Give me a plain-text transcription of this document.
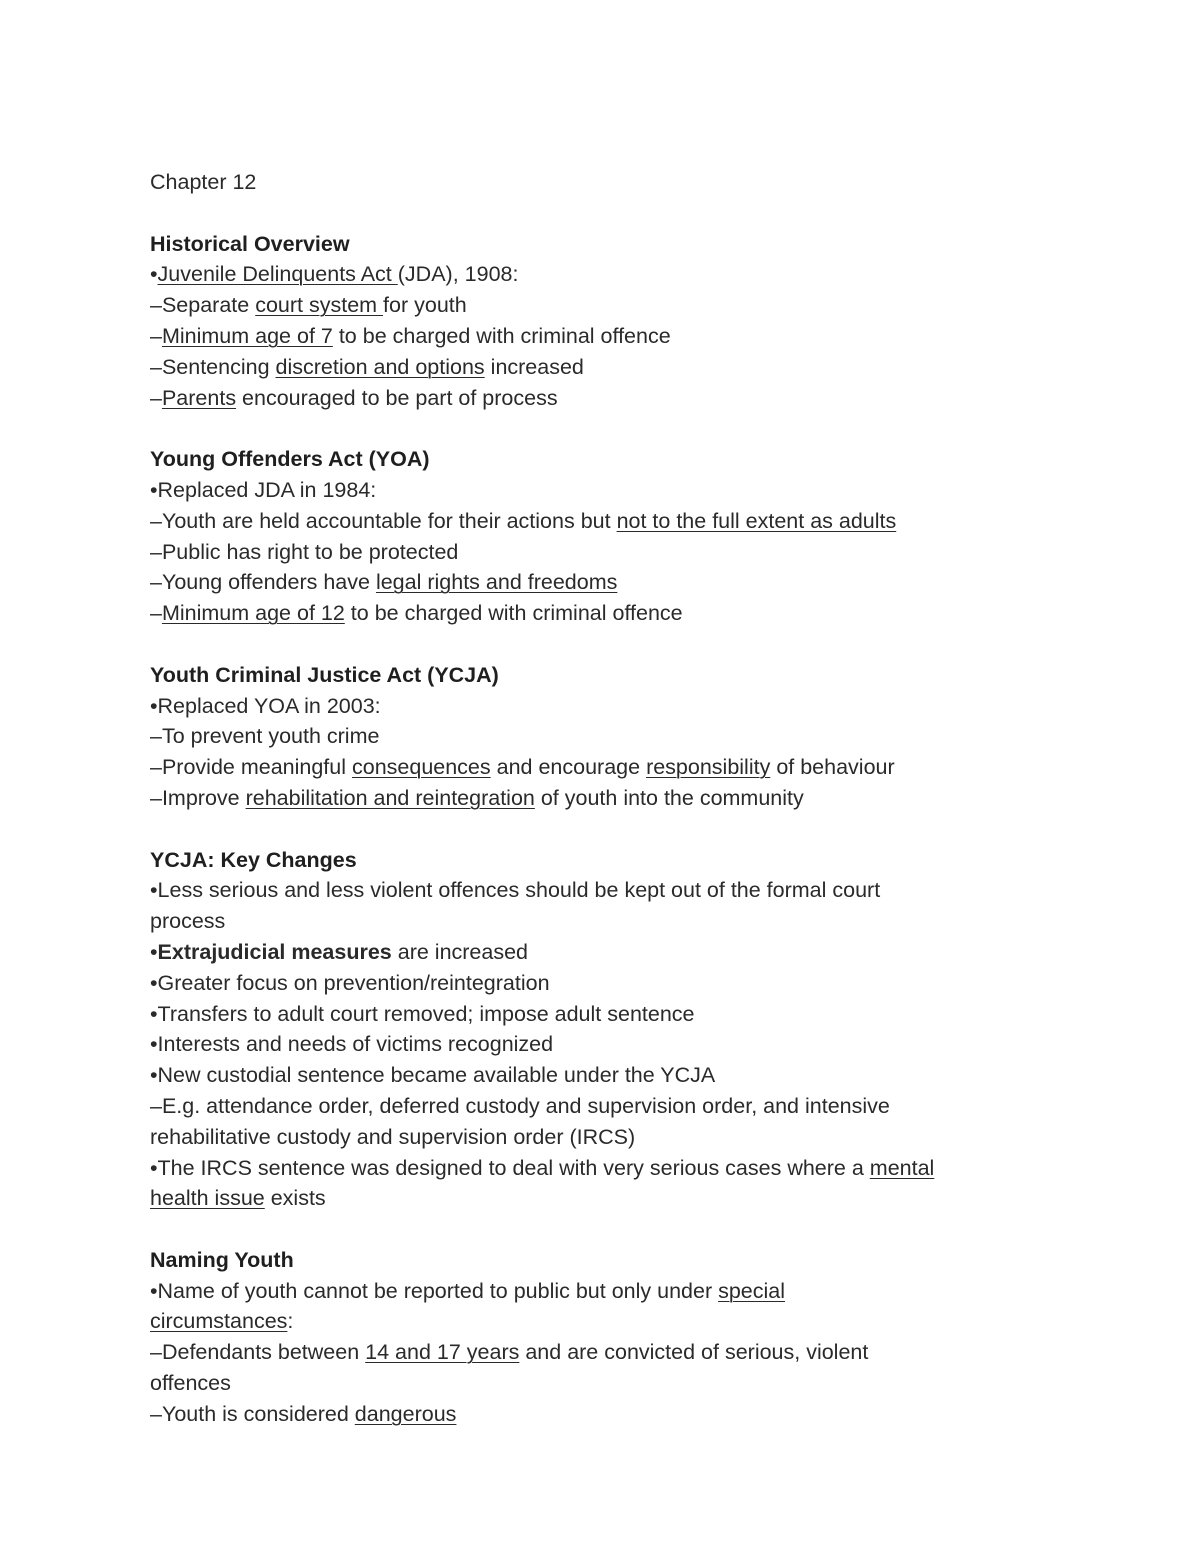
Chapter 12
Historical Overview
•Juvenile Delinquents Act (JDA), 1908:
–Separate court system for youth
–Minimum age of 7 to be charged with criminal offence
–Sentencing discretion and options increased
–Parents encouraged to be part of process
Young Offenders Act (YOA)
•Replaced JDA in 1984:
–Youth are held accountable for their actions but not to the full extent as adults
–Public has right to be protected
–Young offenders have legal rights and freedoms
–Minimum age of 12 to be charged with criminal offence
Youth Criminal Justice Act (YCJA)
•Replaced YOA in 2003:
–To prevent youth crime
–Provide meaningful consequences and encourage responsibility of behaviour
–Improve rehabilitation and reintegration of youth into the community
YCJA: Key Changes
•Less serious and less violent offences should be kept out of the formal court
process
•Extrajudicial measures are increased
•Greater focus on prevention/reintegration
•Transfers to adult court removed; impose adult sentence
•Interests and needs of victims recognized
•New custodial sentence became available under the YCJA
–E.g. attendance order, deferred custody and supervision order, and intensive
rehabilitative custody and supervision order (IRCS)
•The IRCS sentence was designed to deal with very serious cases where a mental
health issue exists
Naming Youth
•Name of youth cannot be reported to public but only under special
circumstances:
–Defendants between 14 and 17 years and are convicted of serious, violent
offences
–Youth is considered dangerous
